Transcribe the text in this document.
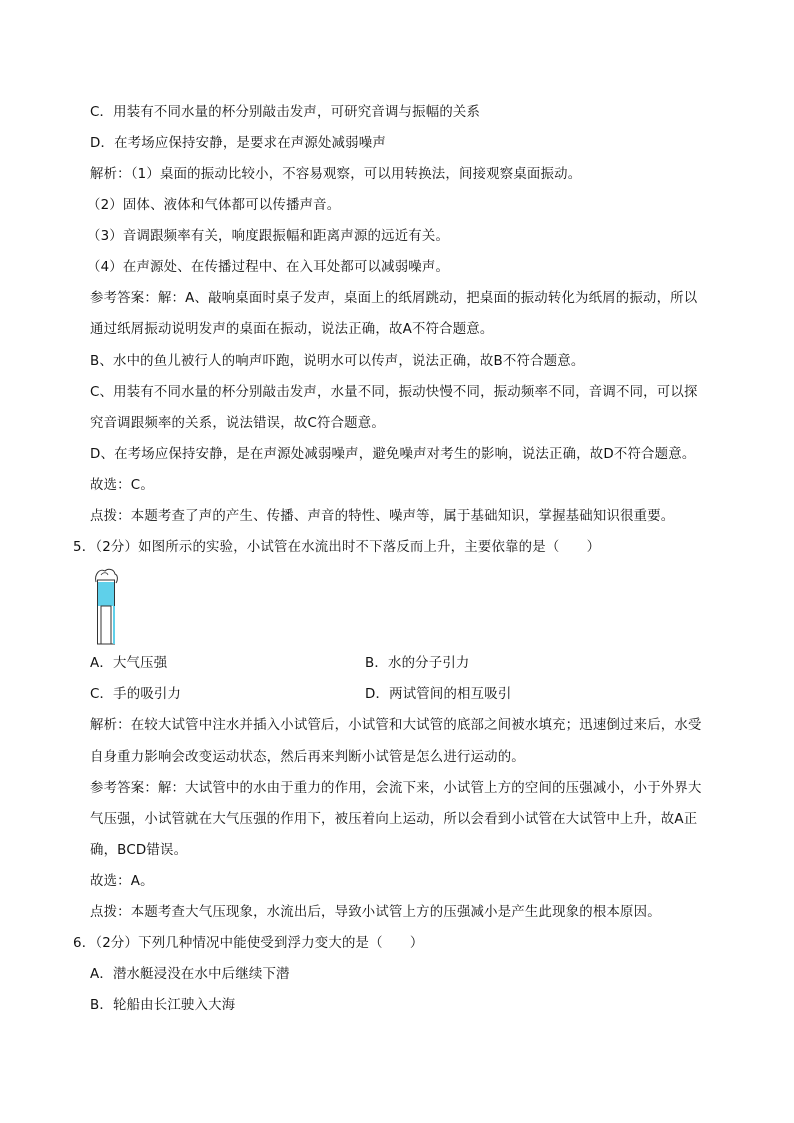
C．用装有不同水量的杯分别敲击发声，可研究音调与振幅的关系
D．在考场应保持安静，是要求在声源处减弱噪声
解析：（1）桌面的振动比较小，不容易观察，可以用转换法，间接观察桌面振动。
（2）固体、液体和气体都可以传播声音。
（3）音调跟频率有关，响度跟振幅和距离声源的远近有关。
（4）在声源处、在传播过程中、在入耳处都可以减弱噪声。
参考答案：解：A、敲响桌面时桌子发声，桌面上的纸屑跳动，把桌面的振动转化为纸屑的振动，所以
通过纸屑振动说明发声的桌面在振动，说法正确，故A不符合题意。
B、水中的鱼儿被行人的响声吓跑，说明水可以传声，说法正确，故B不符合题意。
C、用装有不同水量的杯分别敲击发声，水量不同，振动快慢不同，振动频率不同，音调不同，可以探
究音调跟频率的关系，说法错误，故C符合题意。
D、在考场应保持安静，是在声源处减弱噪声，避免噪声对考生的影响，说法正确，故D不符合题意。
故选：C。
点拨：本题考查了声的产生、传播、声音的特性、噪声等，属于基础知识，掌握基础知识很重要。
5．（2分）如图所示的实验，小试管在水流出时不下落反而上升，主要依靠的是（　　）
A．大气压强	B．水的分子引力
C．手的吸引力	D．两试管间的相互吸引
解析：在较大试管中注水并插入小试管后，小试管和大试管的底部之间被水填充；迅速倒过来后，水受
自身重力影响会改变运动状态，然后再来判断小试管是怎么进行运动的。
参考答案：解：大试管中的水由于重力的作用，会流下来，小试管上方的空间的压强减小，小于外界大
气压强，小试管就在大气压强的作用下，被压着向上运动，所以会看到小试管在大试管中上升，故A正
确，BCD错误。
故选：A。
点拨：本题考查大气压现象，水流出后，导致小试管上方的压强减小是产生此现象的根本原因。
6．（2分）下列几种情况中能使受到浮力变大的是（　　）
A．潜水艇浸没在水中后继续下潜
B．轮船由长江驶入大海
